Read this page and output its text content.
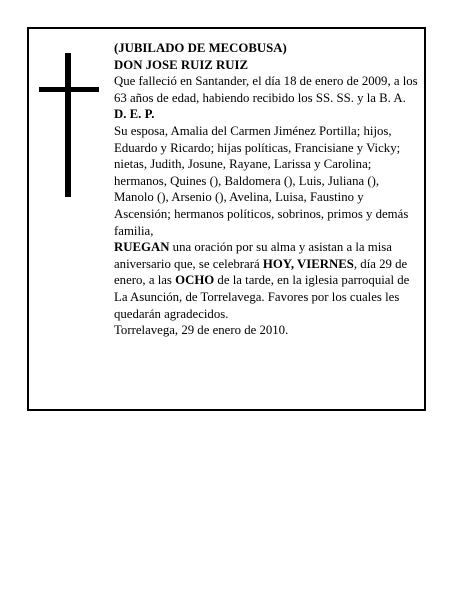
(JUBILADO DE MECOBUSA)

DON JOSE RUIZ RUIZ

Que falleció en Santander, el día 18 de enero de 2009, a los 63 años de edad, habiendo recibido los SS. SS. y la B. A.

D. E. P.

Su esposa, Amalia del Carmen Jiménez Portilla; hijos, Eduardo y Ricardo; hijas políticas, Francisiane y Vicky; nietas, Judith, Josune, Rayane, Larissa y Carolina; hermanos, Quines (), Baldomera (), Luis, Juliana (), Manolo (), Arsenio (), Avelina, Luisa, Faustino y Ascensión; hermanos políticos, sobrinos, primos y demás familia,

RUEGAN una oración por su alma y asistan a la misa aniversario que, se celebrará HOY, VIERNES, día 29 de enero, a las OCHO de la tarde, en la iglesia parroquial de La Asunción, de Torrelavega. Favores por los cuales les quedarán agradecidos.

Torrelavega, 29 de enero de 2010.
